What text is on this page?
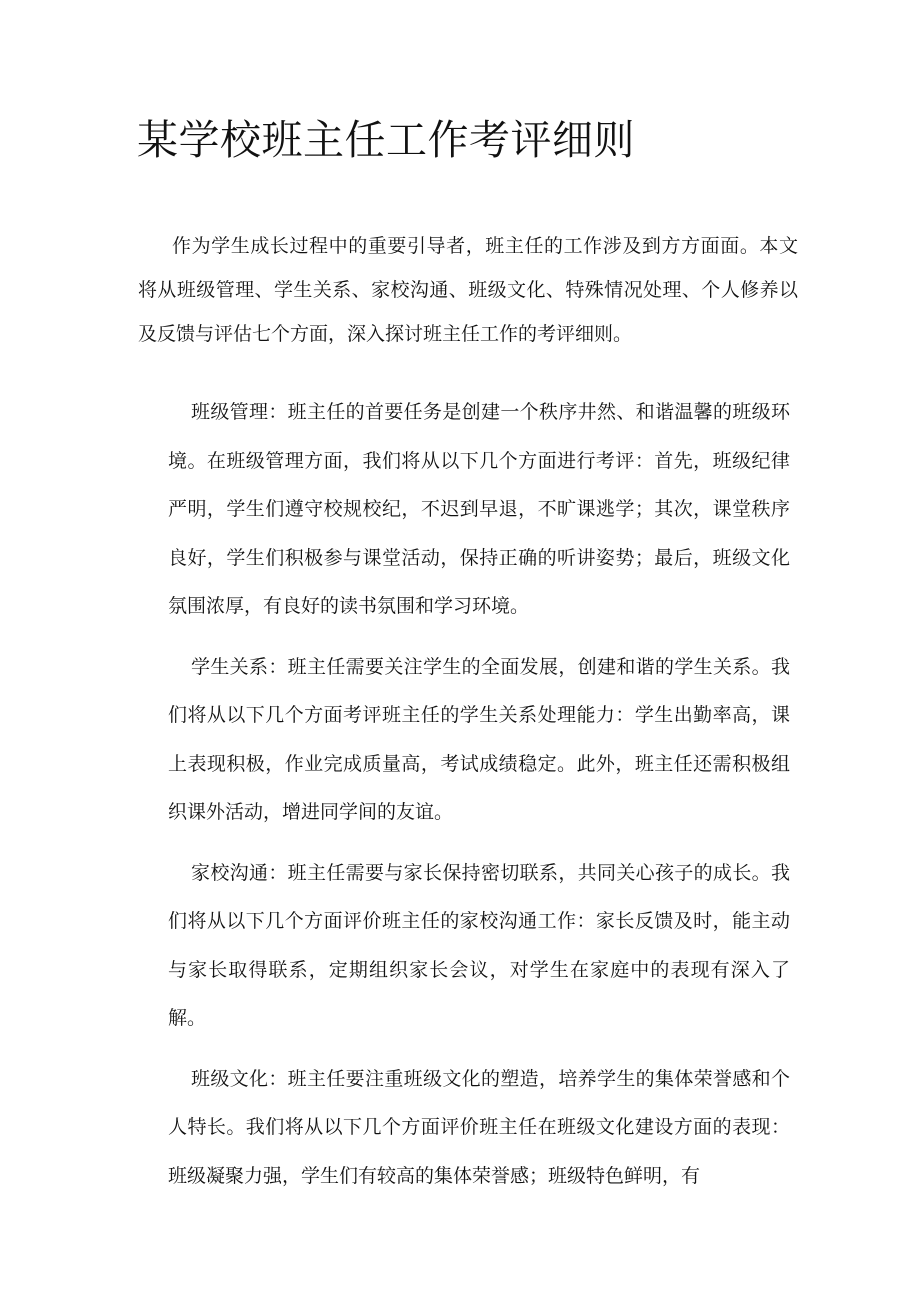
某学校班主任工作考评细则

作为学生成长过程中的重要引导者，班主任的工作涉及到方方面面。本文将从班级管理、学生关系、家校沟通、班级文化、特殊情况处理、个人修养以及反馈与评估七个方面，深入探讨班主任工作的考评细则。

班级管理：班主任的首要任务是创建一个秩序井然、和谐温馨的班级环境。在班级管理方面，我们将从以下几个方面进行考评：首先，班级纪律严明，学生们遵守校规校纪，不迟到早退，不旷课逃学；其次，课堂秩序良好，学生们积极参与课堂活动，保持正确的听讲姿势；最后，班级文化氛围浓厚，有良好的读书氛围和学习环境。

学生关系：班主任需要关注学生的全面发展，创建和谐的学生关系。我们将从以下几个方面考评班主任的学生关系处理能力：学生出勤率高，课上表现积极，作业完成质量高，考试成绩稳定。此外，班主任还需积极组织课外活动，增进同学间的友谊。

家校沟通：班主任需要与家长保持密切联系，共同关心孩子的成长。我们将从以下几个方面评价班主任的家校沟通工作：家长反馈及时，能主动与家长取得联系，定期组织家长会议，对学生在家庭中的表现有深入了解。

班级文化：班主任要注重班级文化的塑造，培养学生的集体荣誉感和个人特长。我们将从以下几个方面评价班主任在班级文化建设方面的表现：班级凝聚力强，学生们有较高的集体荣誉感；班级特色鲜明，有
